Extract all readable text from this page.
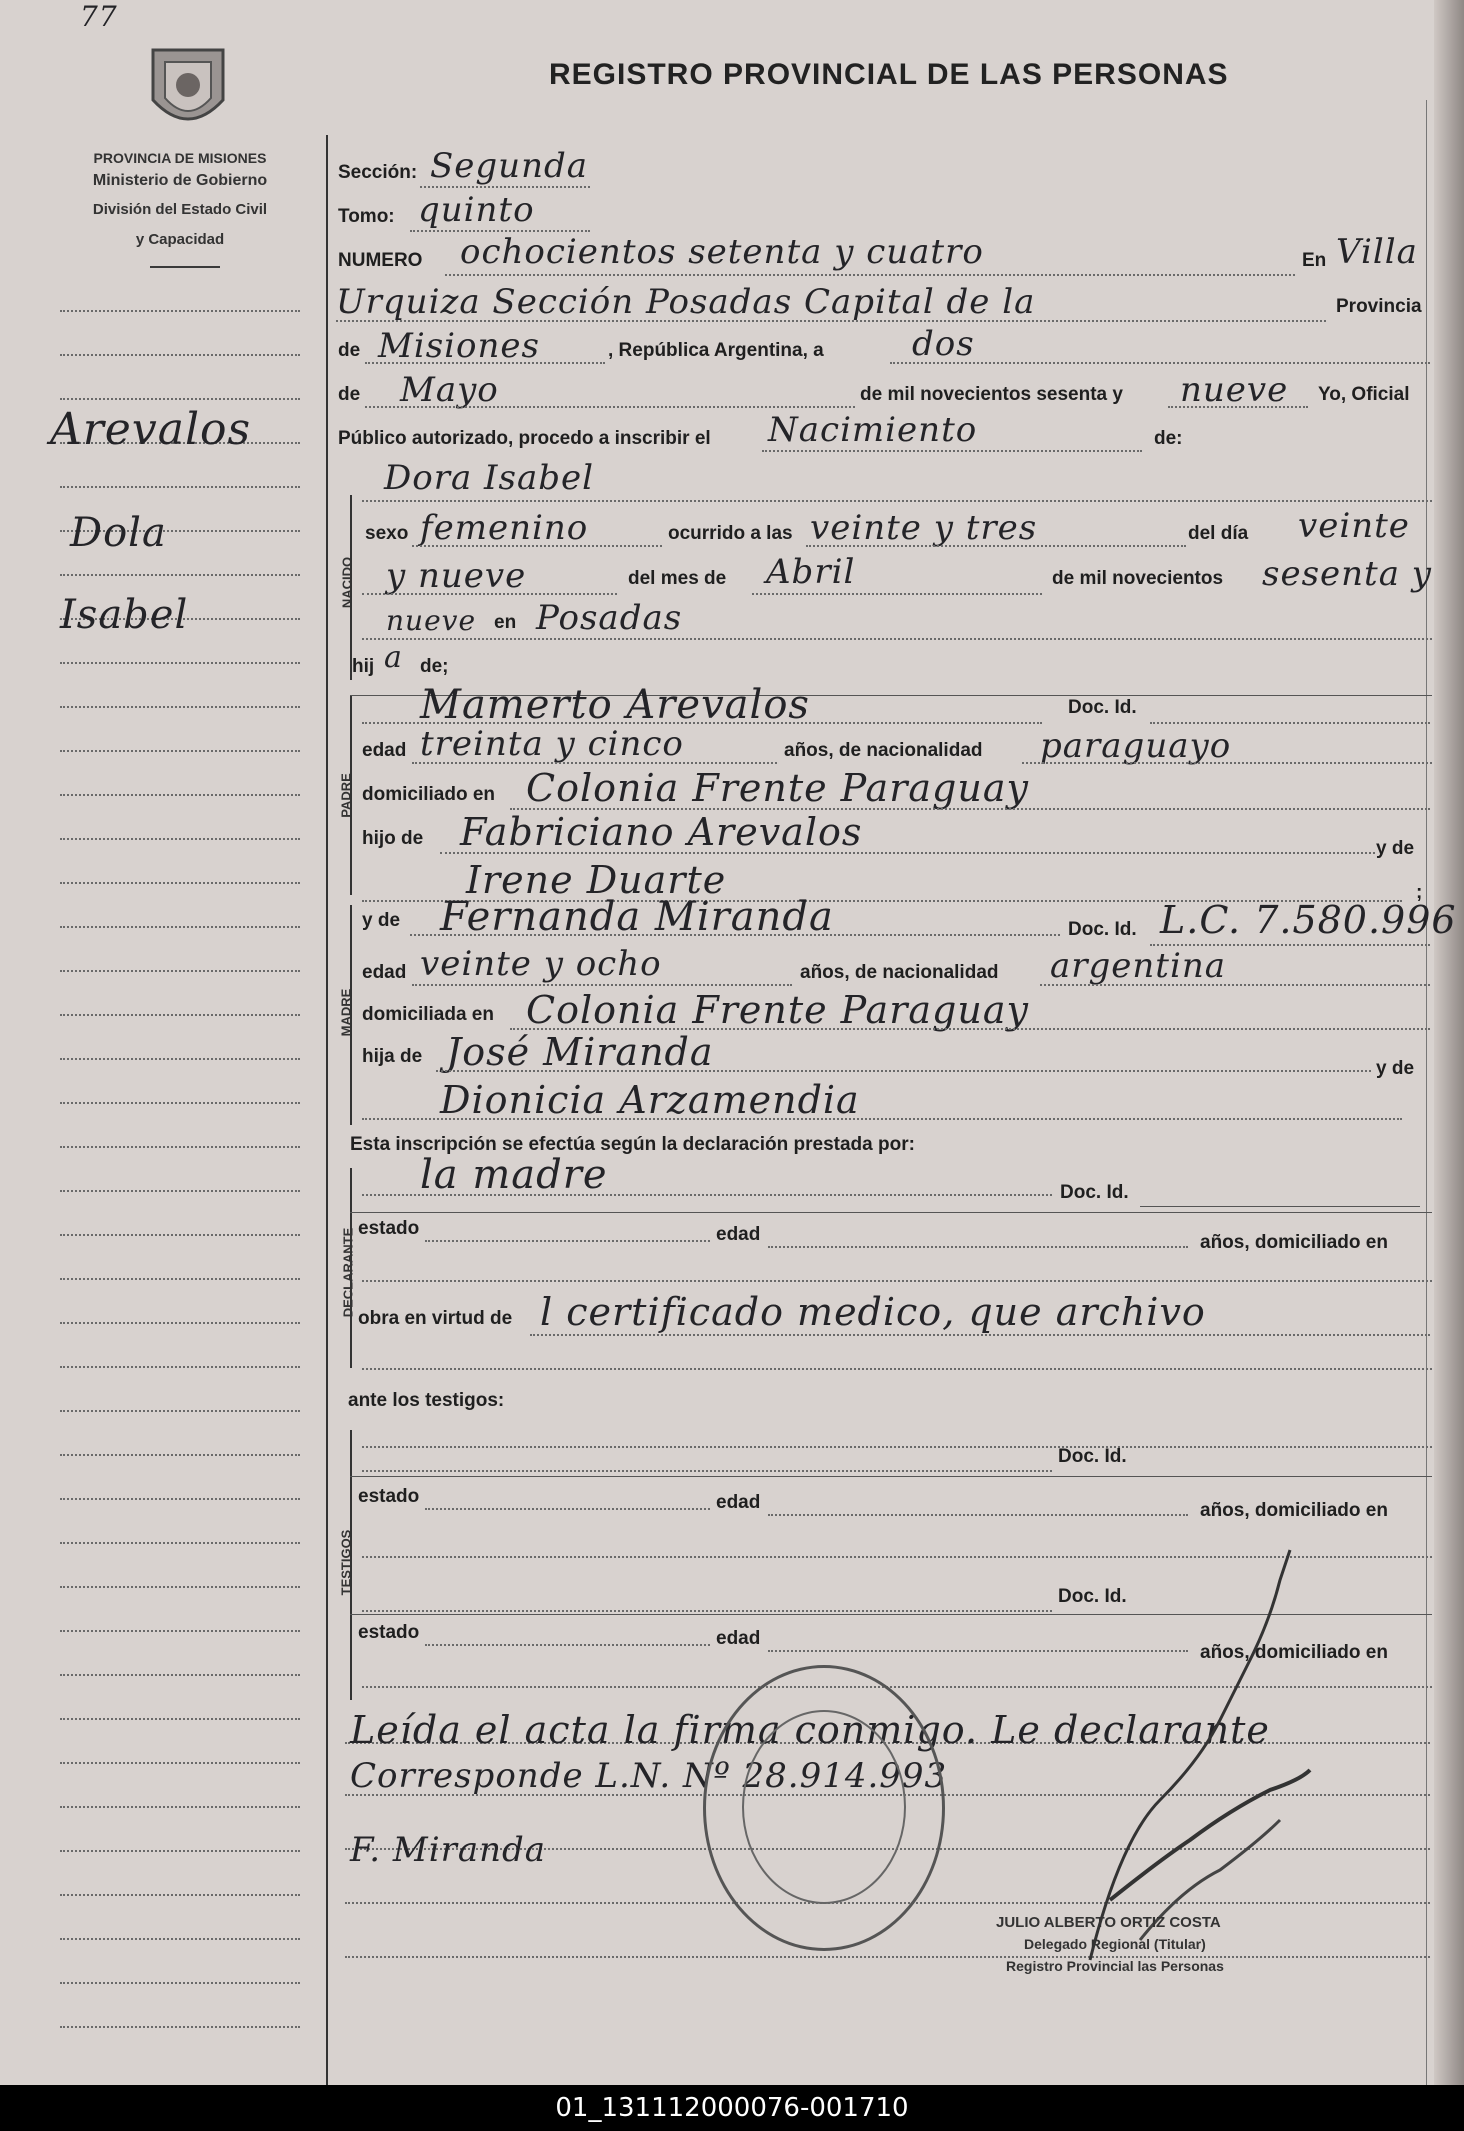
77
PROVINCIA DE MISIONES
Ministerio de Gobierno
División del Estado Civil
y Capacidad
REGISTRO PROVINCIAL DE LAS PERSONAS
Arevalos
Dola
Isabel
Sección: Segunda
Tomo: quinto
NUMERO ochocientos setenta y cuatro	En Villa
Urquiza Sección Posadas Capital de la	Provincia
de Misiones	, República Argentina, a	dos
de Mayo	de mil novecientos sesenta y nueve Yo, Oficial
Público autorizado, procedo a inscribir el Nacimiento	de:
NACIDO
Dora Isabel
sexo femenino	ocurrido a las veinte y tres	del día veinte
y nueve	del mes de Abril	de mil novecientos sesenta y
nueve en Posadas
hij a de;
PADRE
Mamerto Arevalos	Doc. Id.
edad treinta y cinco	años, de nacionalidad paraguayo
domiciliado en Colonia Frente Paraguay
hijo de Fabriciano Arevalos	y de
Irene Duarte	;
MADRE
y de Fernanda Miranda	Doc. Id. L.C. 7.580.996
edad veinte y ocho	años, de nacionalidad argentina
domiciliada en Colonia Frente Paraguay
hija de José Miranda	y de
Dionicia Arzamendia
Esta inscripción se efectúa según la declaración prestada por:
DECLARANTE
la madre	Doc. Id.
estado	edad	años, domiciliado en
obra en virtud de l certificado medico, que archivo
ante los testigos:
TESTIGOS
Doc. Id.
estado	edad	años, domiciliado en
Doc. Id.
estado	edad
años, domiciliado en
Leída el acta la firma conmigo. Le declarante
Corresponde L.N. Nº 28.914.993
F. Miranda
JULIO ALBERTO ORTIZ COSTA
Delegado Regional (Titular)
Registro Provincial las Personas
01_131112000076-001710
